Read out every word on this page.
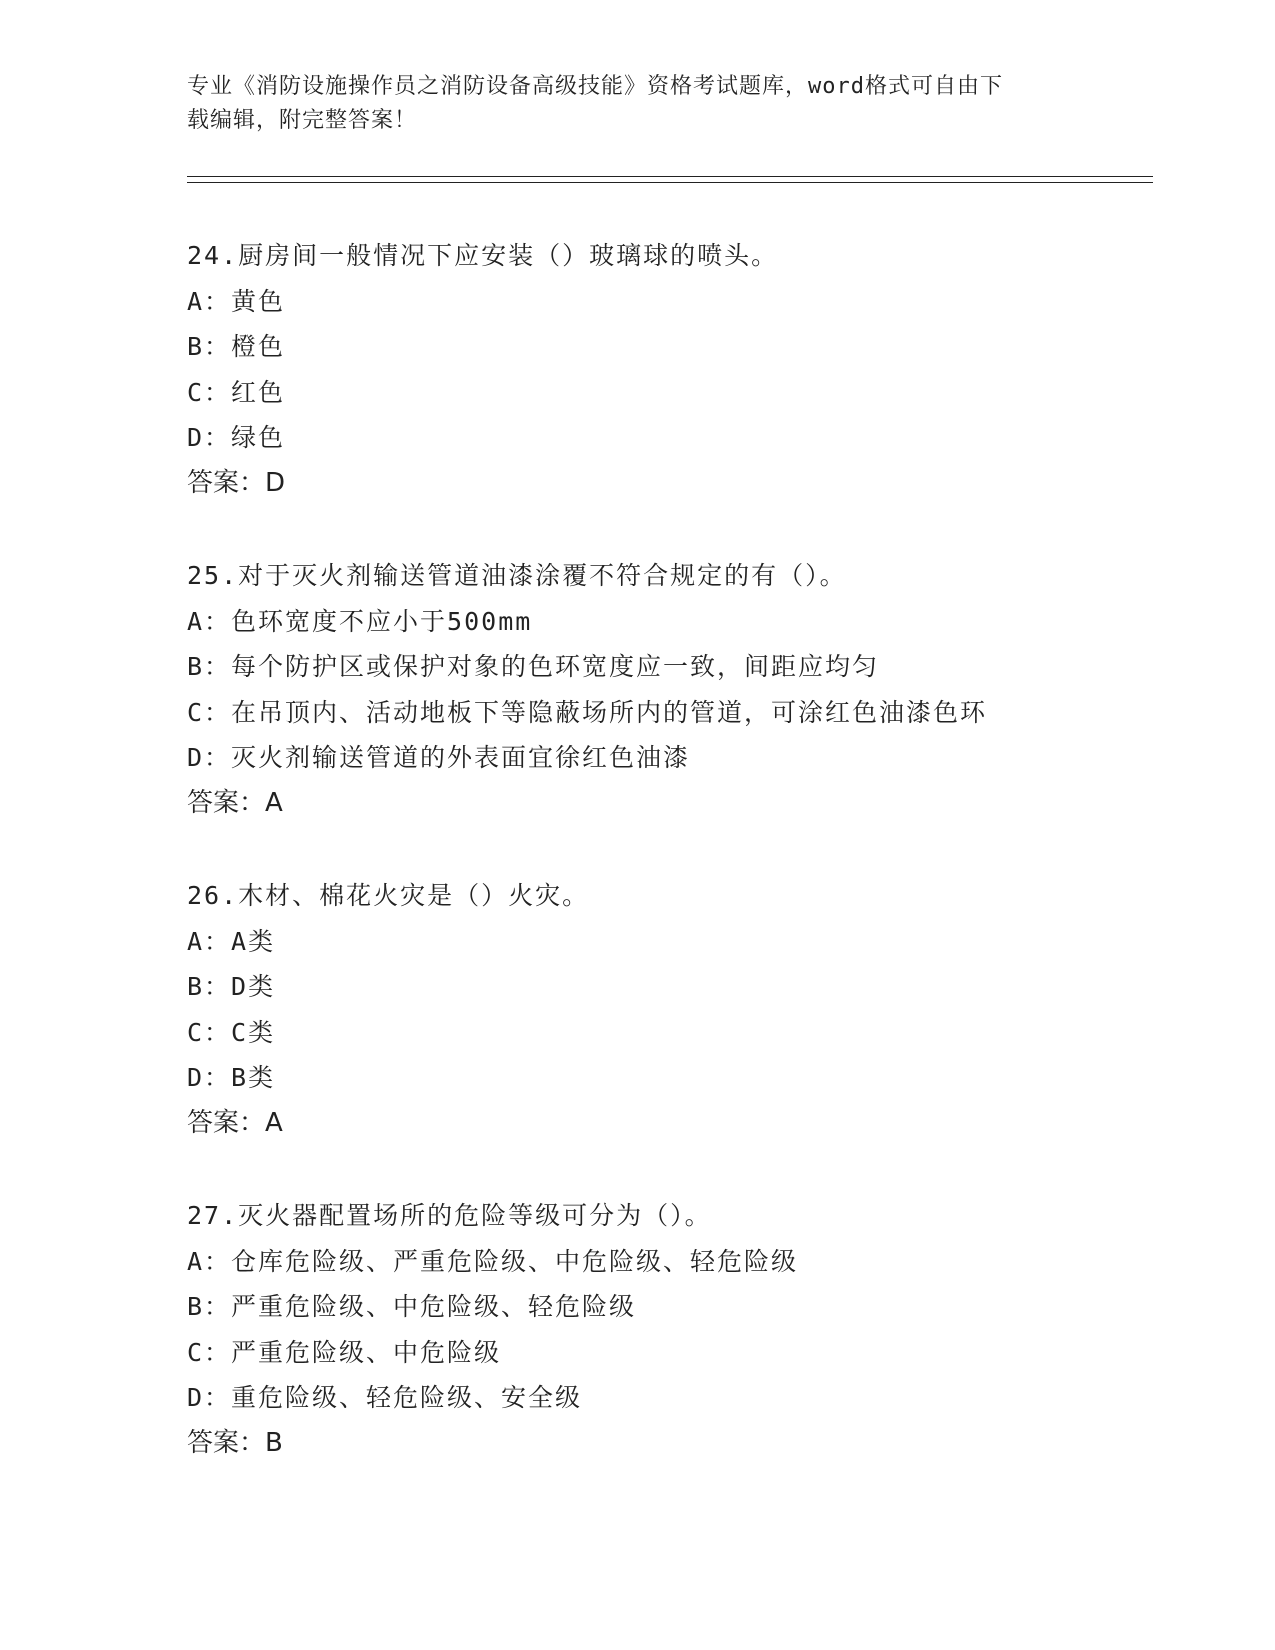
专业《消防设施操作员之消防设备高级技能》资格考试题库，word格式可自由下
载编辑，附完整答案！
24.厨房间一般情况下应安装（）玻璃球的喷头。
A：黄色
B：橙色
C：红色
D：绿色
答案：D
25.对于灭火剂输送管道油漆涂覆不符合规定的有（）。
A：色环宽度不应小于500mm
B：每个防护区或保护对象的色环宽度应一致，间距应均匀
C：在吊顶内、活动地板下等隐蔽场所内的管道，可涂红色油漆色环
D：灭火剂输送管道的外表面宜徐红色油漆
答案：A
26.木材、棉花火灾是（）火灾。
A：A类
B：D类
C：C类
D：B类
答案：A
27.灭火器配置场所的危险等级可分为（）。
A：仓库危险级、严重危险级、中危险级、轻危险级
B：严重危险级、中危险级、轻危险级
C：严重危险级、中危险级
D：重危险级、轻危险级、安全级
答案：B
